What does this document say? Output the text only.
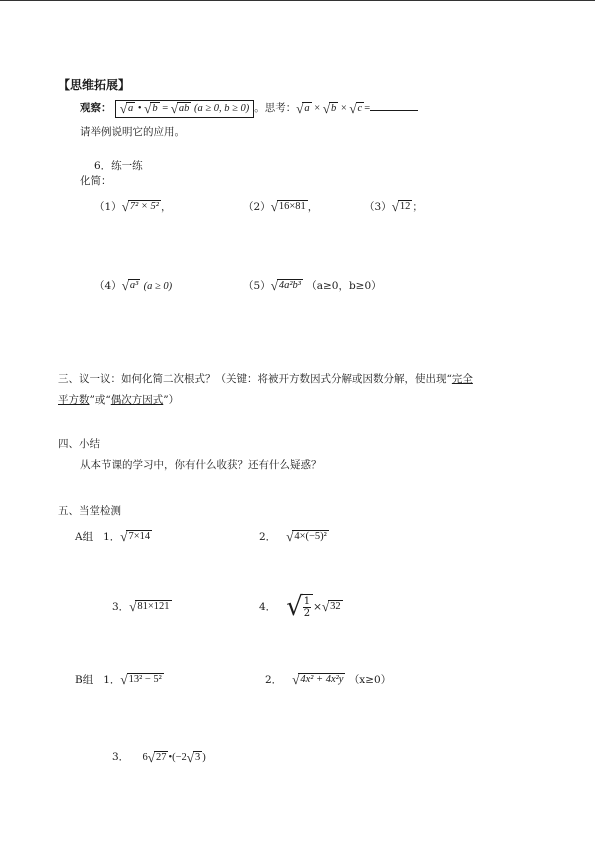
【思维拓展】
观察： √ a • √ b = √ ab (a ≥ 0, b ≥ 0) 。思考： √ a × √ b × √ c =
请举例说明它的应用。
6．练一练
化简：
（1） √ 7² × 5² ，	（2） √ 16×81 ，	（3） √ 12 ；
（4） √ a³ (a ≥ 0)	（5） √ 4a²b³ （a≥0，b≥0）
三、议一议：如何化简二次根式？（关键：将被开方数因式分解或因数分解，使出现“完全
平方数”或“偶次方因式”）
四、小结
从本节课的学习中，你有什么收获？还有什么疑惑？
五、当堂检测
A组 1． √ 7×14	2． √ 4×(−5)²
3． √ 81×121	4． √ $\frac{1}{2}$ × √ 32
B组 1． √ 13² − 5²	2． √ 4x² + 4x²y （x≥0）
3． 6 √ 27 •(−2 √ 3 )
